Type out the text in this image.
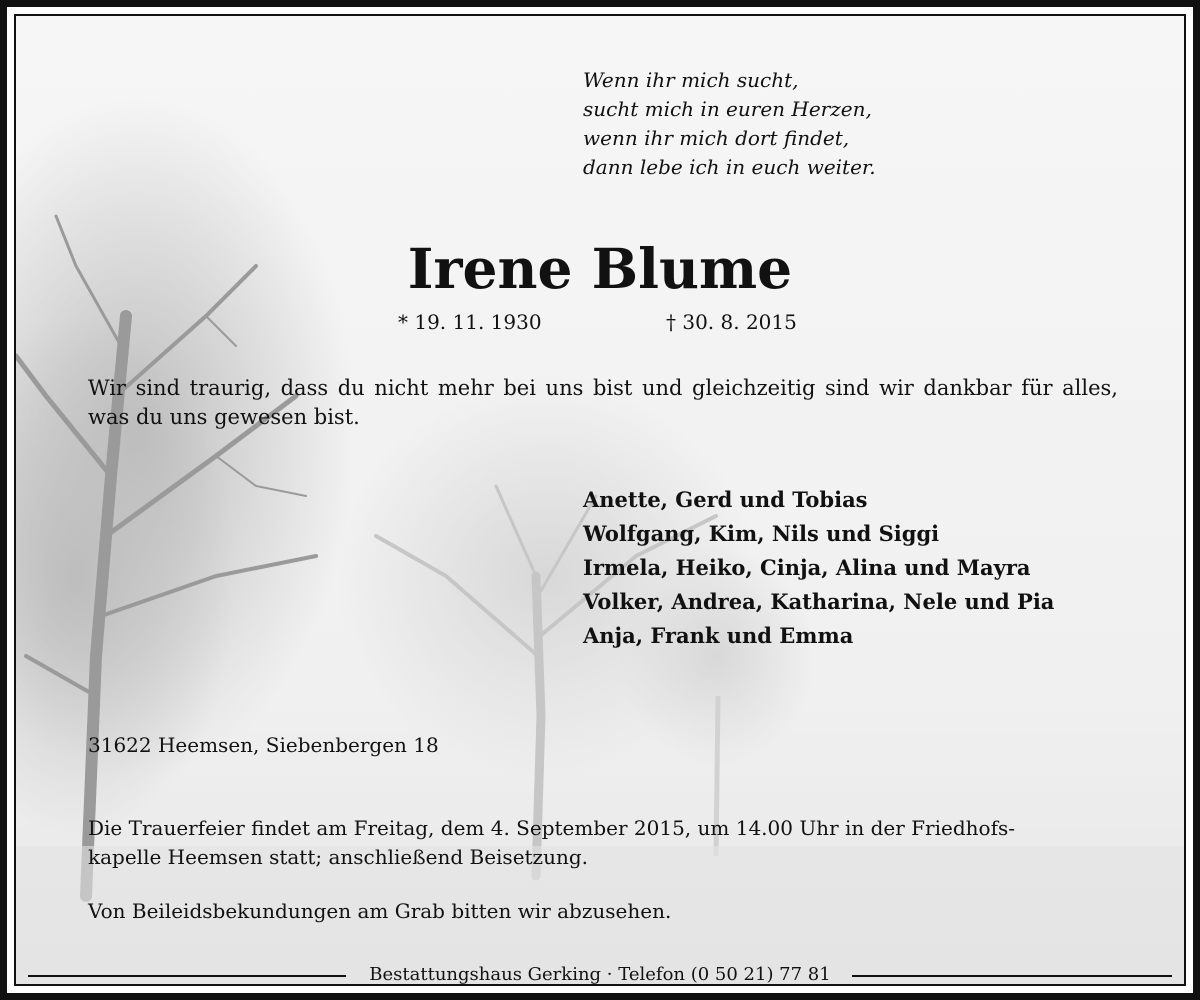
Wenn ihr mich sucht,
sucht mich in euren Herzen,
wenn ihr mich dort findet,
dann lebe ich in euch weiter.
Irene Blume
* 19. 11. 1930	† 30. 8. 2015
Wir sind traurig, dass du nicht mehr bei uns bist und gleichzeitig sind wir dankbar für alles, was du uns gewesen bist.
Anette, Gerd und Tobias
Wolfgang, Kim, Nils und Siggi
Irmela, Heiko, Cinja, Alina und Mayra
Volker, Andrea, Katharina, Nele und Pia
Anja, Frank und Emma
31622 Heemsen, Siebenbergen 18
Die Trauerfeier findet am Freitag, dem 4. September 2015, um 14.00 Uhr in der Friedhofs-
kapelle Heemsen statt; anschließend Beisetzung.
Von Beileidsbekundungen am Grab bitten wir abzusehen.
Bestattungshaus Gerking · Telefon (0 50 21) 77 81
